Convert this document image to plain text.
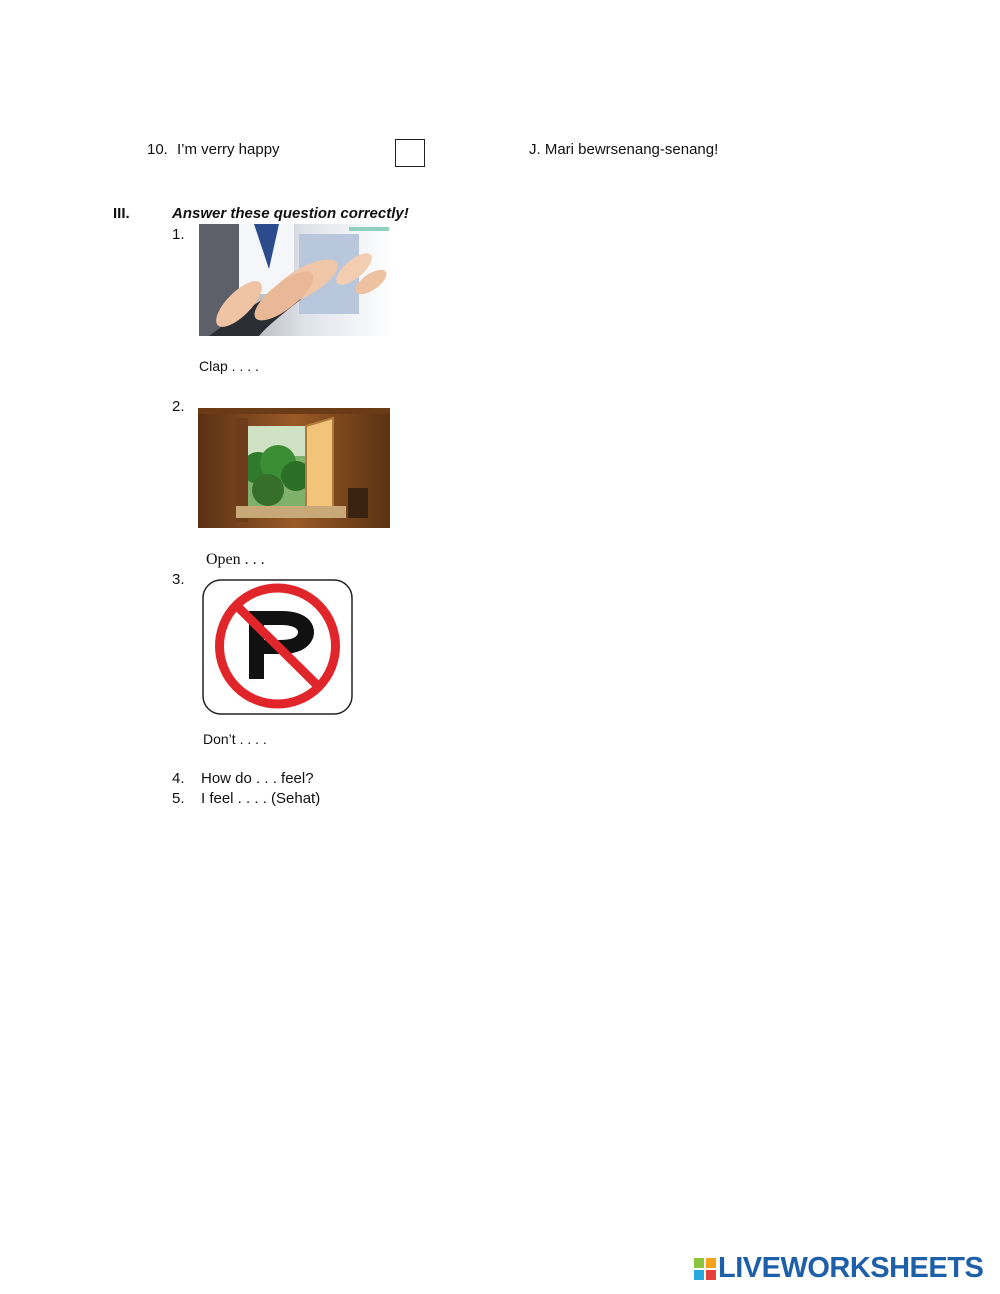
10. I’m verry happy	J. Mari bewrsenang-senang!
III.	Answer these question correctly!
1.
Clap . . . .
2.
Open . . .
3.
Don’t . . . .
4. How do . . . feel?
5. I feel . . . . (Sehat)
LIVEWORKSHEETS
